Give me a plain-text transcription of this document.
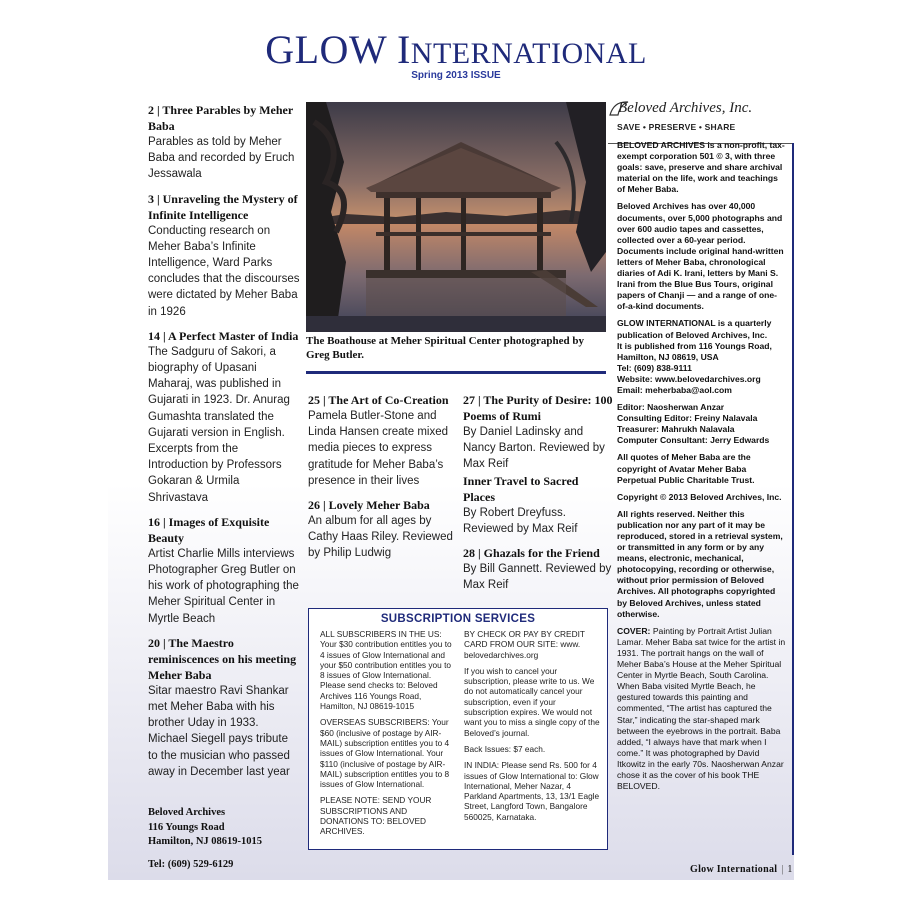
GLOW INTERNATIONAL
Spring 2013 ISSUE
2 | Three Parables by Meher Baba

Parables as told by Meher Baba and recorded by Eruch Jessawala

3 | Unraveling the Mystery of Infinite Intelligence

Conducting research on Meher Baba’s Infinite Intelligence, Ward Parks concludes that the discourses were dictated by Meher Baba in 1926

14 | A Perfect Master of India

The Sadguru of Sakori, a biography of Upasani Maharaj, was published in Gujarati in 1923. Dr. Anurag Gumashta translated the Gujarati version in English. Excerpts from the Introduction by Professors Gokaran & Urmila Shrivastava

16 | Images of Exquisite Beauty

Artist Charlie Mills interviews Photographer Greg Butler on his work of photographing the Meher Spiritual Center in Myrtle Beach

20 | The Maestro reminiscences on his meeting Meher Baba

Sitar maestro Ravi Shankar met Meher Baba with his brother Uday in 1933. Michael Siegell pays tribute to the musician who passed away in December last year

Beloved Archives
116 Youngs Road
Hamilton, NJ 08619-1015
Tel: (609) 529-6129
The Boathouse at Meher Spiritual Center photographed by Greg Butler.
25 | The Art of Co-Creation

Pamela Butler-Stone and Linda Hansen create mixed media pieces to express gratitude for Meher Baba’s presence in their lives

26 | Lovely Meher Baba

An album for all ages by Cathy Haas Riley. Reviewed by Philip Ludwig

27 | The Purity of Desire: 100 Poems of Rumi

By Daniel Ladinsky and Nancy Barton. Reviewed by Max Reif

Inner Travel to Sacred Places

By Robert Dreyfuss. Reviewed by Max Reif

28 | Ghazals for the Friend

By Bill Gannett. Reviewed by Max Reif

SUBSCRIPTION SERVICES

ALL SUBSCRIBERS IN THE US: Your $30 contribution entitles you to 4 issues of Glow International and your $50 contribution entitles you to 8 issues of Glow International. Please send checks to: Beloved Archives 116 Youngs Road, Hamilton, NJ 08619-1015

OVERSEAS SUBSCRIBERS: Your $60 (inclusive of postage by AIR-MAIL) subscription entitles you to 4 issues of Glow International. Your $110 (inclusive of postage by AIR-MAIL) subscription entitles you to 8 issues of Glow International.

PLEASE NOTE: SEND YOUR SUBSCRIPTIONS AND DONATIONS TO: BELOVED ARCHIVES.

BY CHECK OR PAY BY CREDIT CARD FROM OUR SITE: www. belovedarchives.org

If you wish to cancel your subscription, please write to us. We do not automatically cancel your subscription, even if your subscription expires. We would not want you to miss a single copy of the Beloved’s journal.

Back Issues: $7 each.

IN INDIA: Please send Rs. 500 for 4 issues of Glow International to: Glow International, Meher Nazar, 4 Parkland Apartments, 13, 13/1 Eagle Street, Langford Town, Bangalore 560025, Karnataka.

Beloved Archives, Inc.
SAVE • PRESERVE • SHARE

BELOVED ARCHIVES is a non-profit, tax-exempt corporation 501 © 3, with three goals: save, preserve and share archival material on the life, work and teachings of Meher Baba.

Beloved Archives has over 40,000 documents, over 5,000 photographs and over 600 audio tapes and cassettes, collected over a 60-year period. Documents include original hand-written letters of Meher Baba, chronological diaries of Adi K. Irani, letters by Mani S. Irani from the Blue Bus Tours, original papers of Chanji — and a range of one-of-a-kind documents.

GLOW INTERNATIONAL is a quarterly publication of Beloved Archives, Inc.
It is published from 116 Youngs Road, Hamilton, NJ 08619, USA
Tel: (609) 838-9111
Website: www.belovedarchives.org
Email: meherbaba@aol.com

Editor: Naosherwan Anzar
Consulting Editor: Freiny Nalavala
Treasurer: Mahrukh Nalavala
Computer Consultant: Jerry Edwards

All quotes of Meher Baba are the copyright of Avatar Meher Baba Perpetual Public Charitable Trust.

Copyright © 2013 Beloved Archives, Inc.

All rights reserved. Neither this publication nor any part of it may be reproduced, stored in a retrieval system, or transmitted in any form or by any means, electronic, mechanical, photocopying, recording or otherwise, without prior permission of Beloved Archives. All photographs copyrighted by Beloved Archives, unless stated otherwise.

COVER: Painting by Portrait Artist Julian Lamar. Meher Baba sat twice for the artist in 1931. The portrait hangs on the wall of Meher Baba’s House at the Meher Spiritual Center in Myrtle Beach, South Carolina. When Baba visited Myrtle Beach, he gestured towards this painting and commented, “The artist has captured the Star,” indicating the star-shaped mark between the eyebrows in the portrait. Baba added, “I always have that mark when I come.” It was photographed by David Itkowitz in the early 70s. Naosherwan Anzar chose it as the cover of his book THE BELOVED.

Glow International | 1
